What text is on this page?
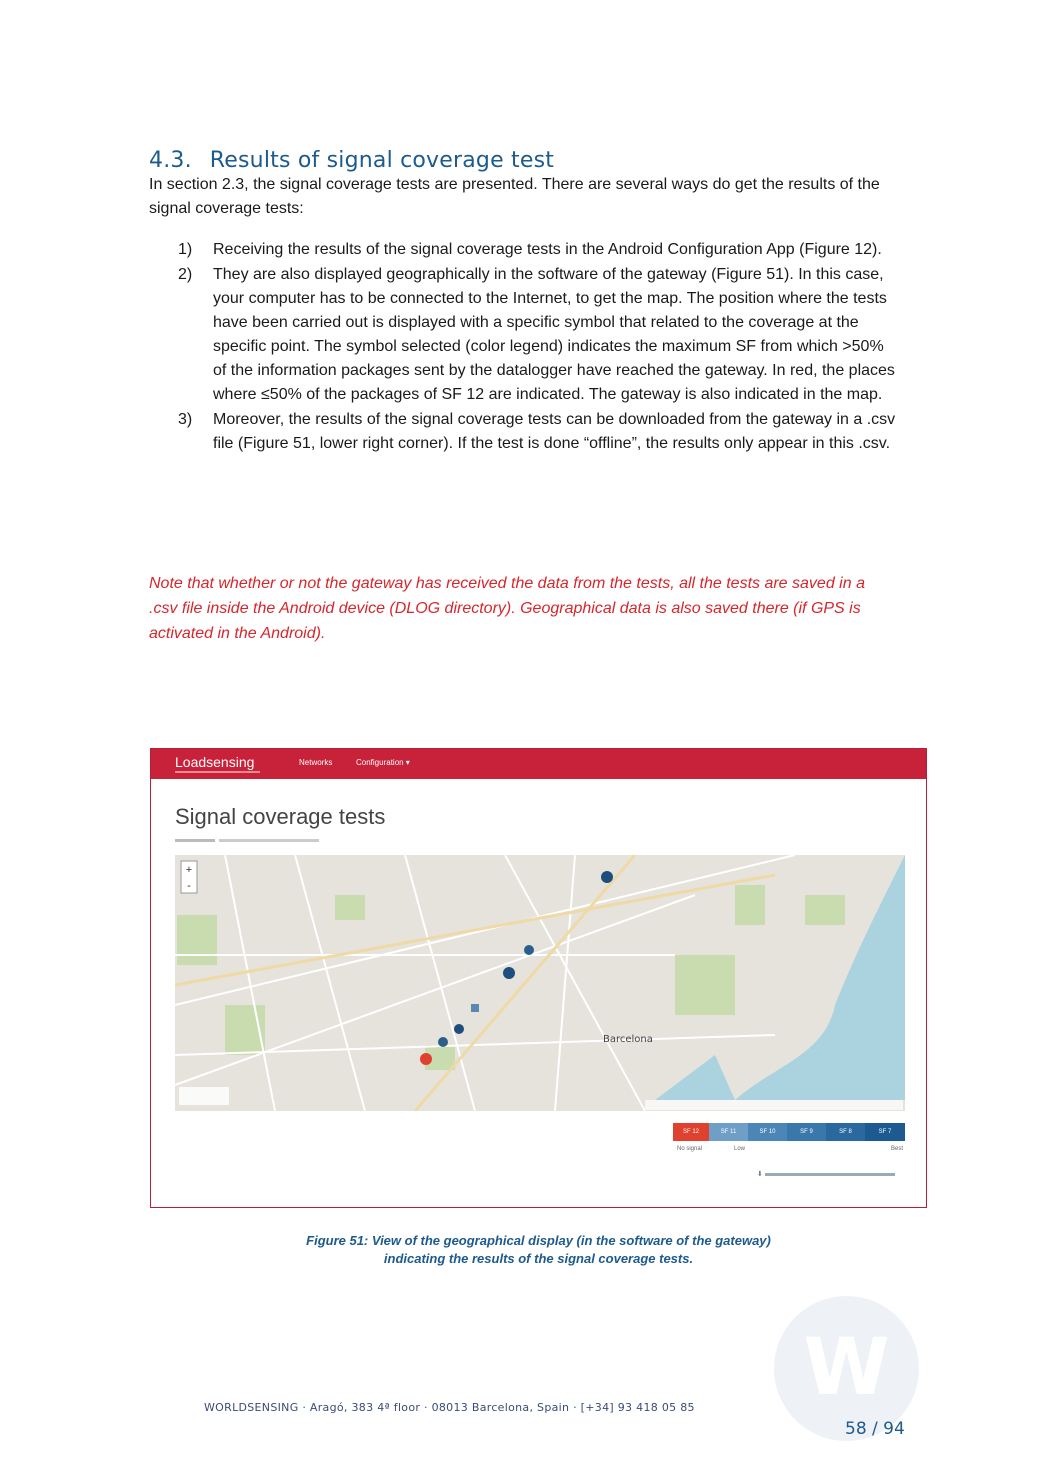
4.3. Results of signal coverage test

In section 2.3, the signal coverage tests are presented. There are several ways do get the results of the signal coverage tests:

1) Receiving the results of the signal coverage tests in the Android Configuration App (Figure 12).
2) They are also displayed geographically in the software of the gateway (Figure 51). In this case, your computer has to be connected to the Internet, to get the map. The position where the tests have been carried out is displayed with a specific symbol that related to the coverage at the specific point. The symbol selected (color legend) indicates the maximum SF from which >50% of the information packages sent by the datalogger have reached the gateway. In red, the places where ≤50% of the packages of SF 12 are indicated. The gateway is also indicated in the map.
3) Moreover, the results of the signal coverage tests can be downloaded from the gateway in a .csv file (Figure 51, lower right corner). If the test is done “offline”, the results only appear in this .csv.

Note that whether or not the gateway has received the data from the tests, all the tests are saved in a .csv file inside the Android device (DLOG directory). Geographical data is also saved there (if GPS is activated in the Android).

Loadsensing	Networks	Configuration ▾
Signal coverage tests
+
-
Barcelona
SF 12	SF 11	SF 10	SF 9	SF 8	SF 7
No signal	Low	Best
⬇
Figure 51: View of the geographical display (in the software of the gateway)
indicating the results of the signal coverage tests.
W
WORLDSENSING · Aragó, 383 4ª floor · 08013 Barcelona, Spain · [+34] 93 418 05 85
58 / 94
